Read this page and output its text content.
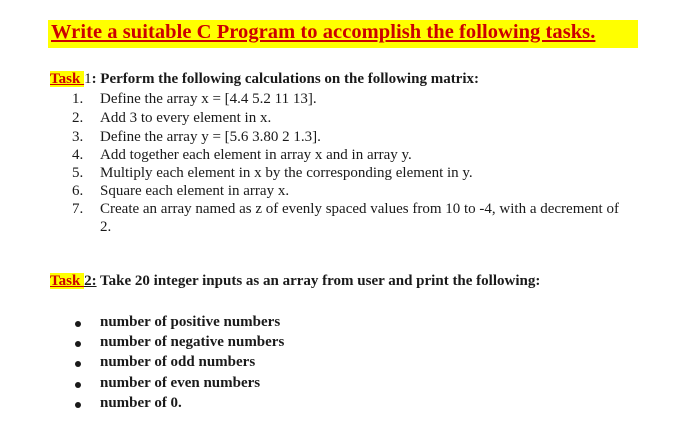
Write a suitable C Program to accomplish the following tasks.
Task 1: Perform the following calculations on the following matrix:
1.	Define the array x = [4.4 5.2 11 13].
2.	Add 3 to every element in x.
3.	Define the array y = [5.6 3.80 2 1.3].
4.	Add together each element in array x and in array y.
5.	Multiply each element in x by the corresponding element in y.
6.	Square each element in array x.
7.	Create an array named as z of evenly spaced values from 10 to -4, with a decrement of
2.
Task 2: Take 20 integer inputs as an array from user and print the following:
number of positive numbers
number of negative numbers
number of odd numbers
number of even numbers
number of 0.
